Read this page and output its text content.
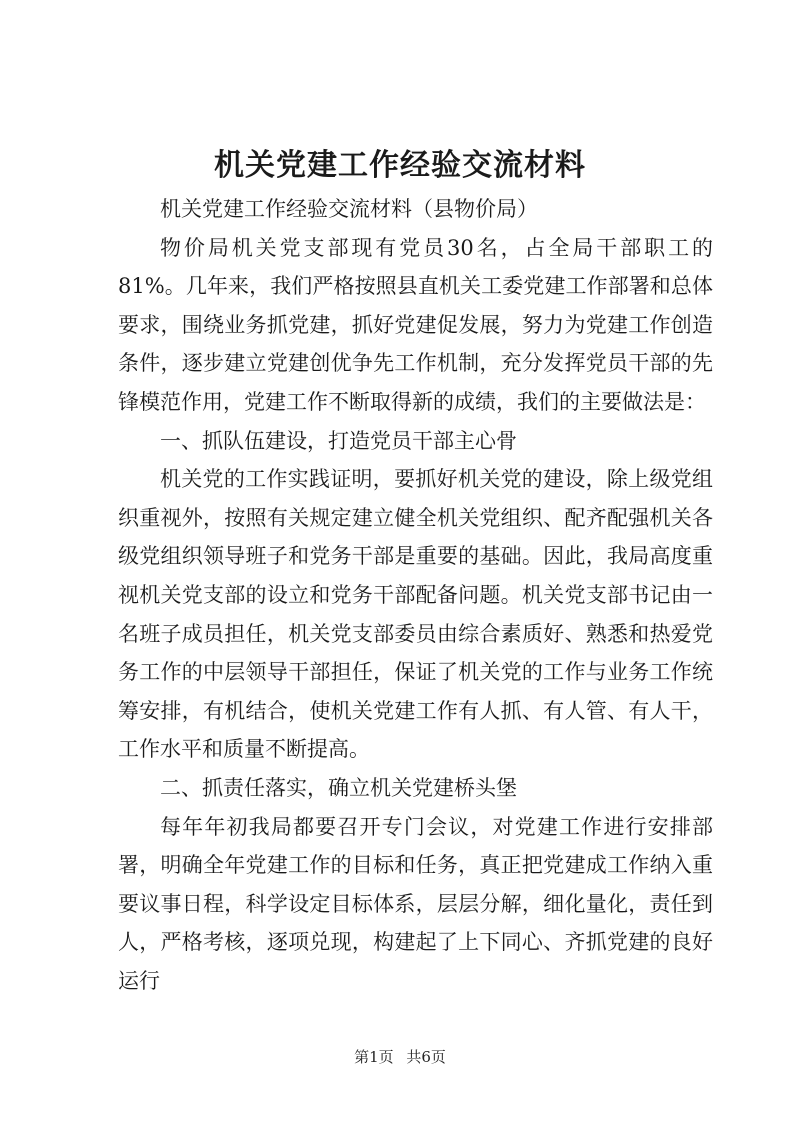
机关党建工作经验交流材料

机关党建工作经验交流材料（县物价局）

物价局机关党支部现有党员30名，占全局干部职工的81%。几年来，我们严格按照县直机关工委党建工作部署和总体要求，围绕业务抓党建，抓好党建促发展，努力为党建工作创造条件，逐步建立党建创优争先工作机制，充分发挥党员干部的先锋模范作用，党建工作不断取得新的成绩，我们的主要做法是：

一、抓队伍建设，打造党员干部主心骨

机关党的工作实践证明，要抓好机关党的建设，除上级党组织重视外，按照有关规定建立健全机关党组织、配齐配强机关各级党组织领导班子和党务干部是重要的基础。因此，我局高度重视机关党支部的设立和党务干部配备问题。机关党支部书记由一名班子成员担任，机关党支部委员由综合素质好、熟悉和热爱党务工作的中层领导干部担任，保证了机关党的工作与业务工作统筹安排，有机结合，使机关党建工作有人抓、有人管、有人干，工作水平和质量不断提高。

二、抓责任落实，确立机关党建桥头堡

每年年初我局都要召开专门会议，对党建工作进行安排部署，明确全年党建工作的目标和任务，真正把党建成工作纳入重要议事日程，科学设定目标体系，层层分解，细化量化，责任到人，严格考核，逐项兑现，构建起了上下同心、齐抓党建的良好运行

第1页 共6页
